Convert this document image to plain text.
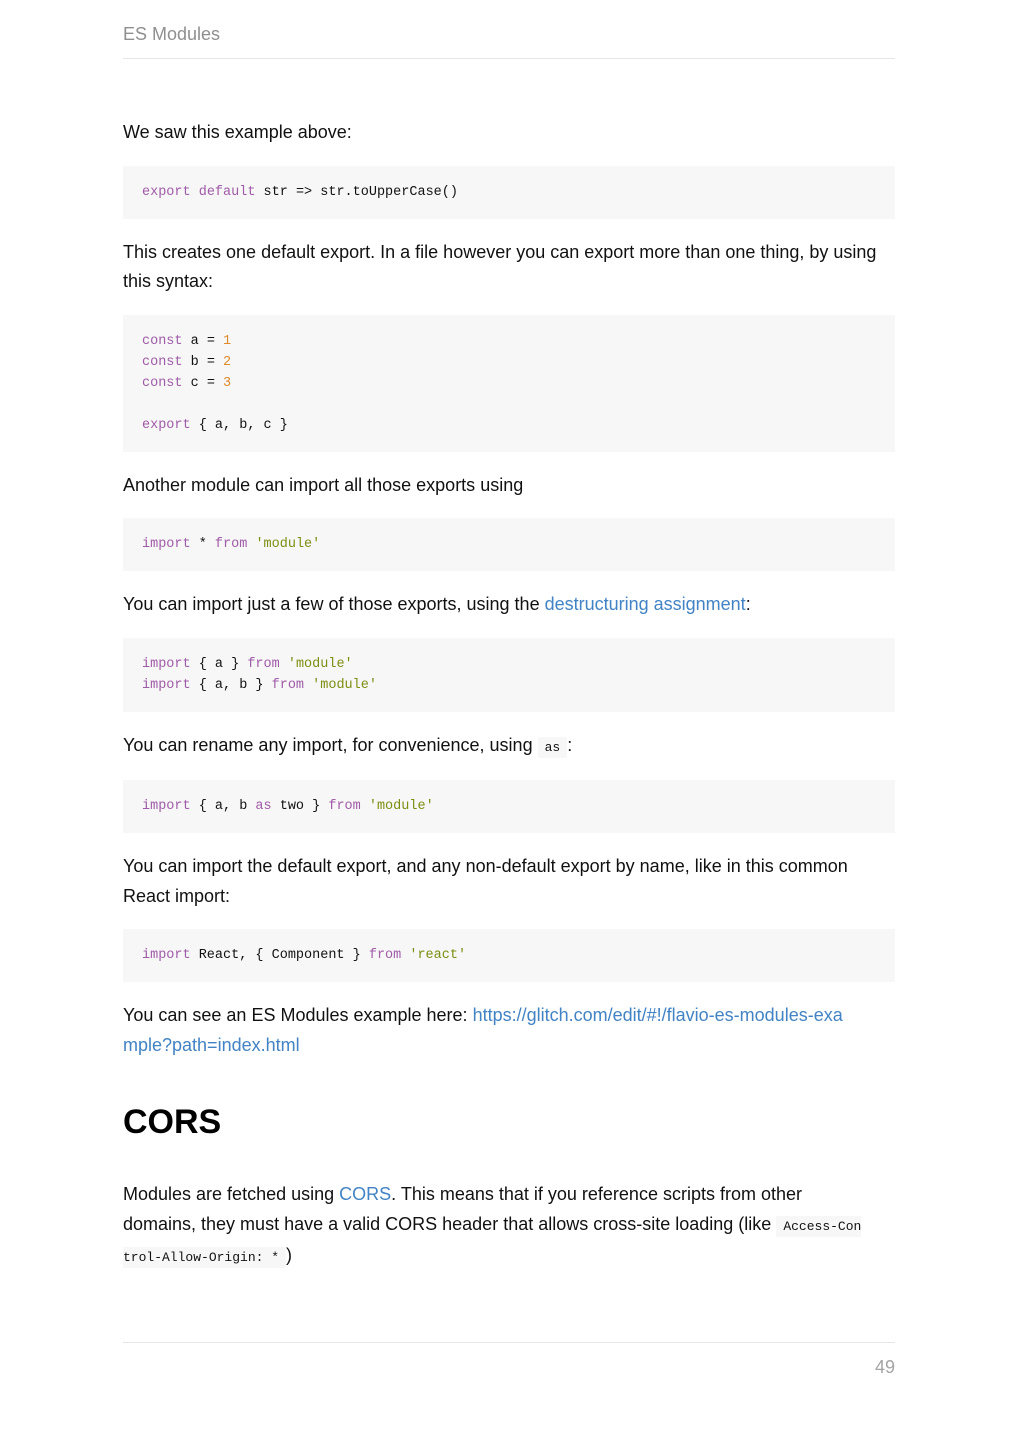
ES Modules

We saw this example above:

export default str => str.toUpperCase()

This creates one default export. In a file however you can export more than one thing, by using this syntax:

const a = 1
const b = 2
const c = 3

export { a, b, c }

Another module can import all those exports using

import * from 'module'

You can import just a few of those exports, using the destructuring assignment:

import { a } from 'module'
import { a, b } from 'module'

You can rename any import, for convenience, using as :

import { a, b as two } from 'module'

You can import the default export, and any non-default export by name, like in this common React import:

import React, { Component } from 'react'

You can see an ES Modules example here: https://glitch.com/edit/#!/flavio-es-modules-example?path=index.html

CORS

Modules are fetched using CORS. This means that if you reference scripts from other domains, they must have a valid CORS header that allows cross-site loading (like Access-Control-Allow-Origin: * )

49
